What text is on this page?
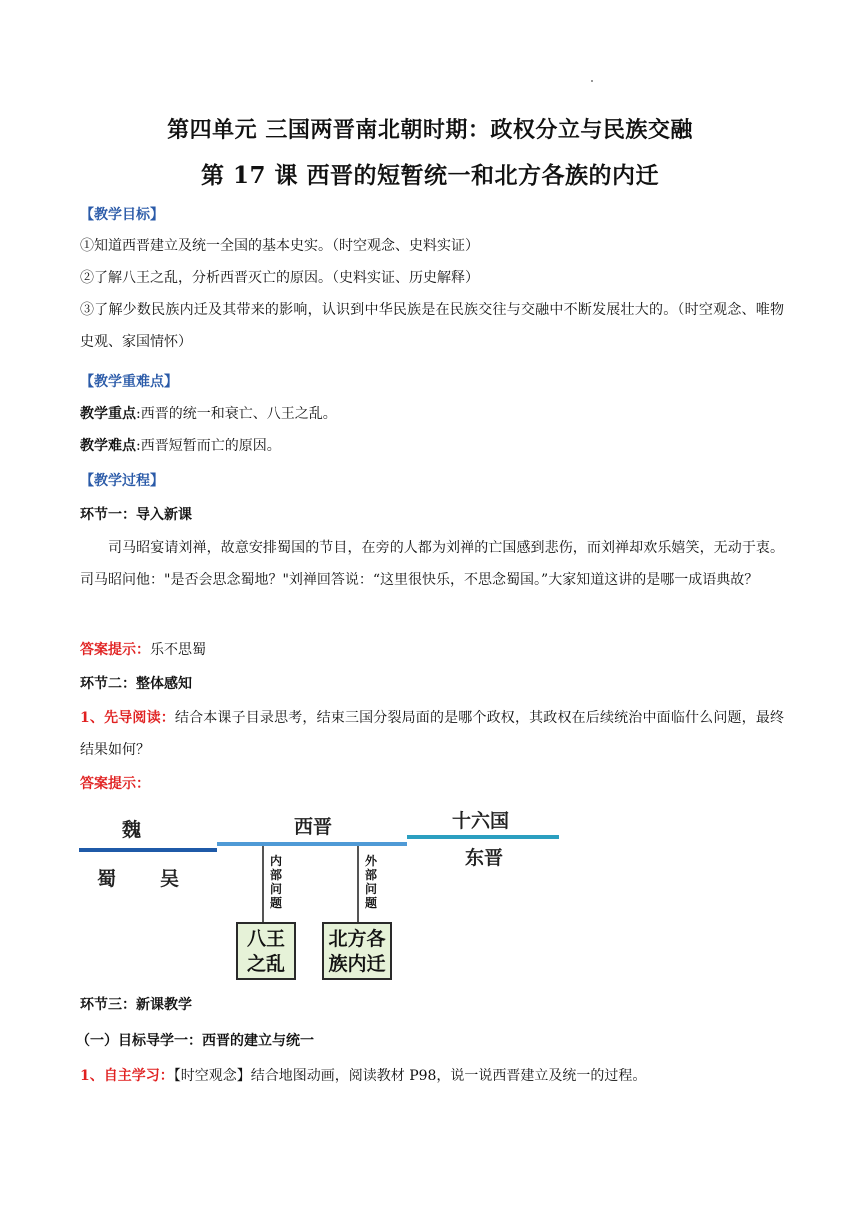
第四单元 三国两晋南北朝时期：政权分立与民族交融
第 17 课 西晋的短暂统一和北方各族的内迁
【教学目标】
①知道西晋建立及统一全国的基本史实。（时空观念、史料实证）
②了解八王之乱，分析西晋灭亡的原因。（史料实证、历史解释）
③了解少数民族内迁及其带来的影响，认识到中华民族是在民族交往与交融中不断发展壮大的。（时空观念、唯物史观、家国情怀）
【教学重难点】
教学重点:西晋的统一和衰亡、八王之乱。
教学难点:西晋短暂而亡的原因。
【教学过程】
环节一：导入新课
司马昭宴请刘禅，故意安排蜀国的节目，在旁的人都为刘禅的亡国感到悲伤，而刘禅却欢乐嬉笑，无动于衷。司马昭问他："是否会思念蜀地？"刘禅回答说：“这里很快乐，不思念蜀国。”大家知道这讲的是哪一成语典故？
答案提示：乐不思蜀
环节二：整体感知
1、先导阅读：结合本课子目录思考，结束三国分裂局面的是哪个政权，其政权在后续统治中面临什么问题，最终结果如何？
答案提示：
魏
蜀 吴
西晋	十六国
东晋
内部问题
八王之乱
外部问题
北方各族内迁
环节三：新课教学
（一）目标导学一：西晋的建立与统一
1、自主学习：【时空观念】结合地图动画，阅读教材 P98，说一说西晋建立及统一的过程。
